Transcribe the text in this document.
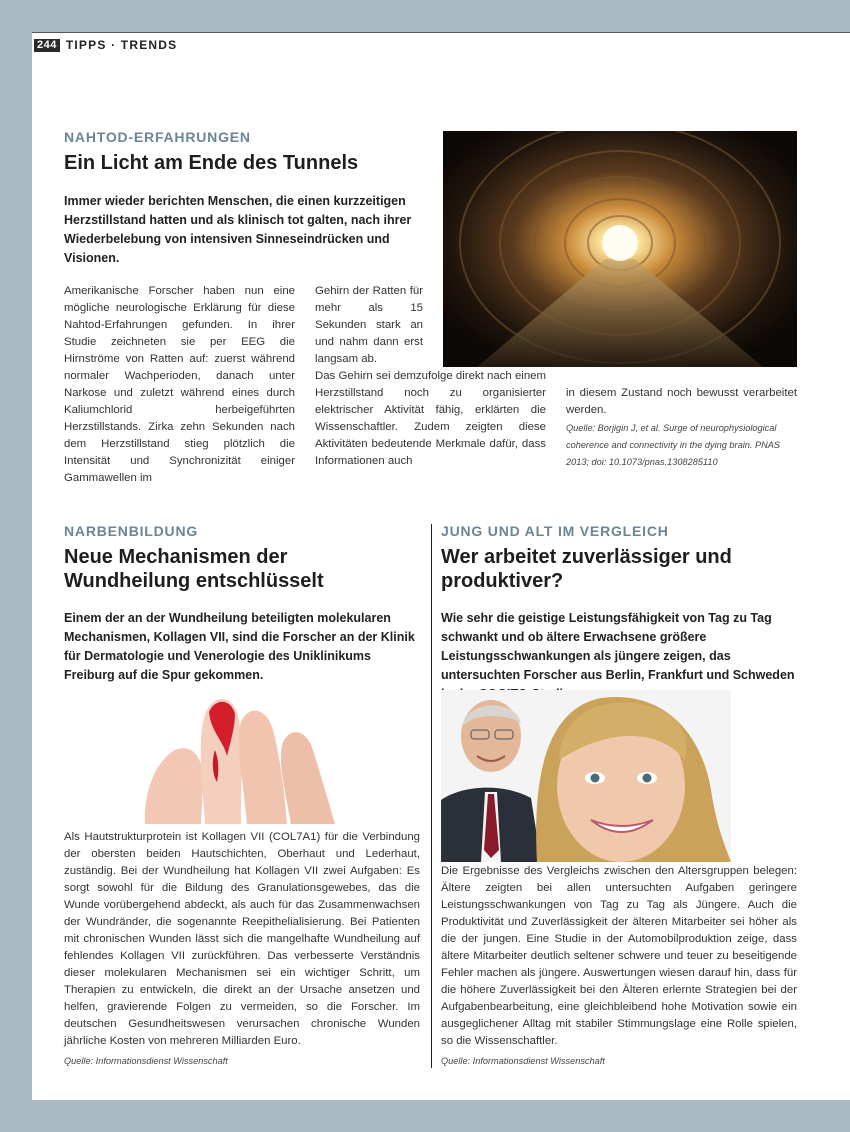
244 TIPPS · TRENDS
NAHTOD-ERFAHRUNGEN
Ein Licht am Ende des Tunnels
Immer wieder berichten Menschen, die einen kurzzeitigen Herzstillstand hatten und als klinisch tot galten, nach ihrer Wiederbelebung von intensiven Sinneseindrücken und Visionen.
Amerikanische Forscher haben nun eine mögliche neurologische Erklärung für diese Nahtod-Erfahrungen gefunden. In ihrer Studie zeichneten sie per EEG die Hirnströme von Ratten auf: zuerst während normaler Wachperioden, danach unter Narkose und zuletzt während eines durch Kaliumchlorid herbeigeführten Herzstillstands. Zirka zehn Sekunden nach dem Herzstillstand stieg plötzlich die Intensität und Synchronizität einiger Gammawellen im
Gehirn der Ratten für mehr als 15 Sekunden stark an und nahm dann erst langsam ab.
Das Gehirn sei demzufolge direkt nach einem Herzstillstand noch zu organisierter elektrischer Aktivität fähig, erklärten die Wissenschaftler. Zudem zeigten diese Aktivitäten bedeutende Merkmale dafür, dass Informationen auch
in diesem Zustand noch bewusst verarbeitet werden.
Quelle: Borjigin J, et al. Surge of neurophysiological coherence and connectivity in the dying brain. PNAS 2013; doi: 10.1073/pnas.1308285110
NARBENBILDUNG
Neue Mechanismen der Wundheilung entschlüsselt
Einem der an der Wundheilung beteiligten molekularen Mechanismen, Kollagen VII, sind die Forscher an der Klinik für Dermatologie und Venerologie des Uniklinikums Freiburg auf die Spur gekommen.
Als Hautstrukturprotein ist Kollagen VII (COL7A1) für die Verbindung der obersten beiden Hautschichten, Oberhaut und Lederhaut, zuständig. Bei der Wundheilung hat Kollagen VII zwei Aufgaben: Es sorgt sowohl für die Bildung des Granulationsgewebes, das die Wunde vorübergehend abdeckt, als auch für das Zusammenwachsen der Wundränder, die sogenannte Reepithelialisierung. Bei Patienten mit chronischen Wunden lässt sich die mangelhafte Wundheilung auf fehlendes Kollagen VII zurückführen. Das verbesserte Verständnis dieser molekularen Mechanismen sei ein wichtiger Schritt, um Therapien zu entwickeln, die direkt an der Ursache ansetzen und helfen, gravierende Folgen zu vermeiden, so die Forscher. Im deutschen Gesundheitswesen verursachen chronische Wunden jährliche Kosten von mehreren Milliarden Euro.
Quelle: Informationsdienst Wissenschaft
JUNG UND ALT IM VERGLEICH
Wer arbeitet zuverlässiger und produktiver?
Wie sehr die geistige Leistungsfähigkeit von Tag zu Tag schwankt und ob ältere Erwachsene größere Leistungsschwankungen als jüngere zeigen, das untersuchten Forscher aus Berlin, Frankfurt und Schweden
Die Ergebnisse des Vergleichs zwischen den Altersgruppen belegen: Ältere zeigten bei allen untersuchten Aufgaben geringere Leistungsschwankungen von Tag zu Tag als Jüngere. Auch die Produktivität und Zuverlässigkeit der älteren Mitarbeiter sei höher als die der jungen. Eine Studie in der Automobilproduktion zeige, dass ältere Mitarbeiter deutlich seltener schwere und teuer zu beseitigende Fehler machen als jüngere. Auswertungen wiesen darauf hin, dass für die höhere Zuverlässigkeit bei den Älteren erlernte Strategien bei der Aufgabenbearbeitung, eine gleichbleibend hohe Motivation sowie ein ausgeglichener Alltag mit stabiler Stimmungslage eine Rolle spielen, so die Wissenschaftler.
Quelle: Informationsdienst Wissenschaft
